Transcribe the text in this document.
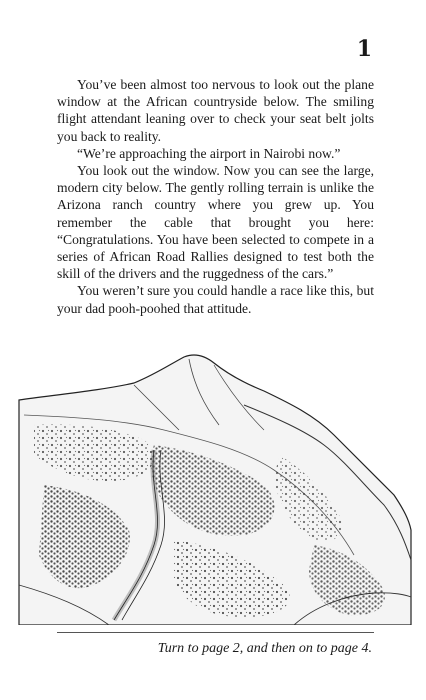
1

You’ve been almost too nervous to look out the plane window at the African countryside below. The smiling flight attendant leaning over to check your seat belt jolts you back to reality.

“We’re approaching the airport in Nairobi now.”

You look out the window. Now you can see the large, modern city below. The gently rolling terrain is unlike the Arizona ranch country where you grew up. You remember the cable that brought you here: “Congratulations. You have been selected to compete in a series of African Road Rallies designed to test both the skill of the drivers and the ruggedness of the cars.”

You weren’t sure you could handle a race like this, but your dad pooh-poohed that attitude.

Turn to page 2, and then on to page 4.
